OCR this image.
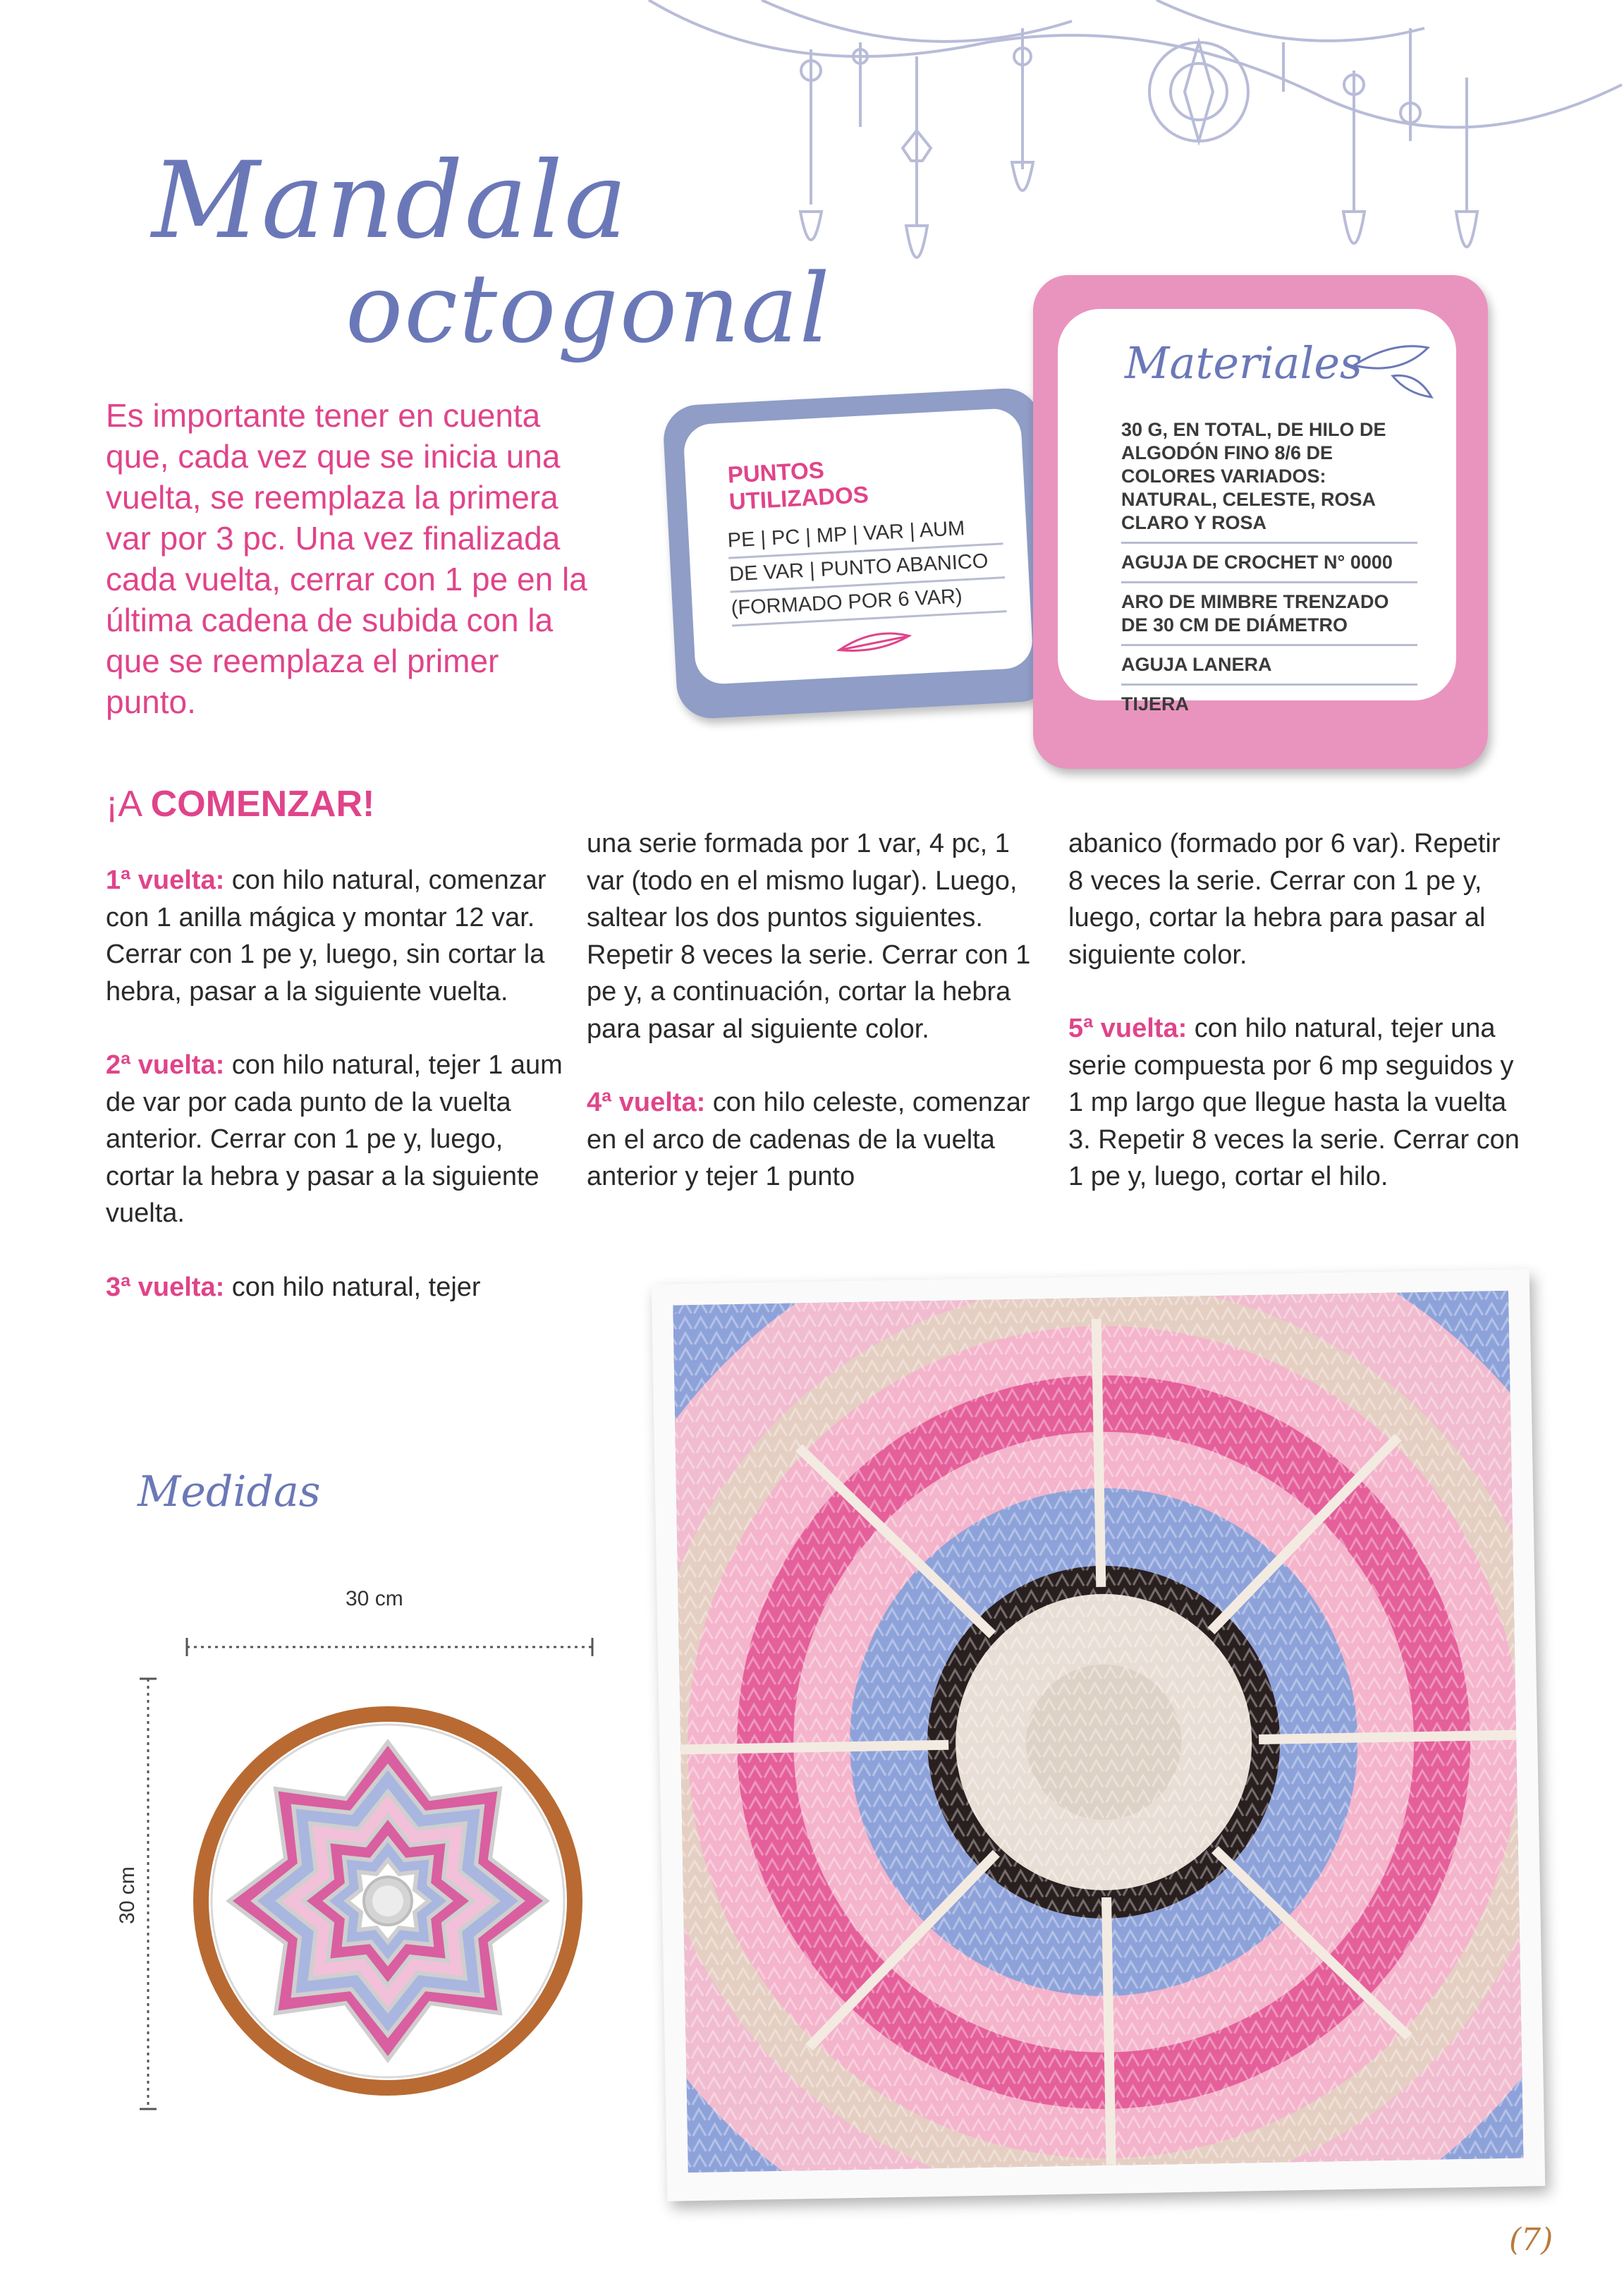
Mandala
octogonal
Es importante tener en cuenta que, cada vez que se inicia una vuelta, se reemplaza la primera var por 3 pc. Una vez finalizada cada vuelta, cerrar con 1 pe en la última cadena de subida con la que se reemplaza el primer punto.
PUNTOS UTILIZADOS
PE | PC | MP | VAR | AUM
DE VAR | PUNTO ABANICO
(FORMADO POR 6 VAR)
Materiales
30 G, EN TOTAL, DE HILO DE ALGODÓN FINO 8/6 DE COLORES VARIADOS: NATURAL, CELESTE, ROSA CLARO Y ROSA
AGUJA DE CROCHET N° 0000
ARO DE MIMBRE TRENZADO DE 30 CM DE DIÁMETRO
AGUJA LANERA
TIJERA
¡A COMENZAR!

1ª vuelta: con hilo natural, comenzar con 1 anilla mágica y montar 12 var. Cerrar con 1 pe y, luego, sin cortar la hebra, pasar a la siguiente vuelta.

2ª vuelta: con hilo natural, tejer 1 aum de var por cada punto de la vuelta anterior. Cerrar con 1 pe y, luego, cortar la hebra y pasar a la siguiente vuelta.

3ª vuelta: con hilo natural, tejer

una serie formada por 1 var, 4 pc, 1 var (todo en el mismo lugar). Luego, saltear los dos puntos siguientes. Repetir 8 veces la serie. Cerrar con 1 pe y, a continuación, cortar la hebra para pasar al siguiente color.

4ª vuelta: con hilo celeste, comenzar en el arco de cadenas de la vuelta anterior y tejer 1 punto

abanico (formado por 6 var). Repetir 8 veces la serie. Cerrar con 1 pe y, luego, cortar la hebra para pasar al siguiente color.

5ª vuelta: con hilo natural, tejer una serie compuesta por 6 mp seguidos y 1 mp largo que llegue hasta la vuelta 3. Repetir 8 veces la serie. Cerrar con 1 pe y, luego, cortar el hilo.

Medidas
30 cm
30 cm
(7)
